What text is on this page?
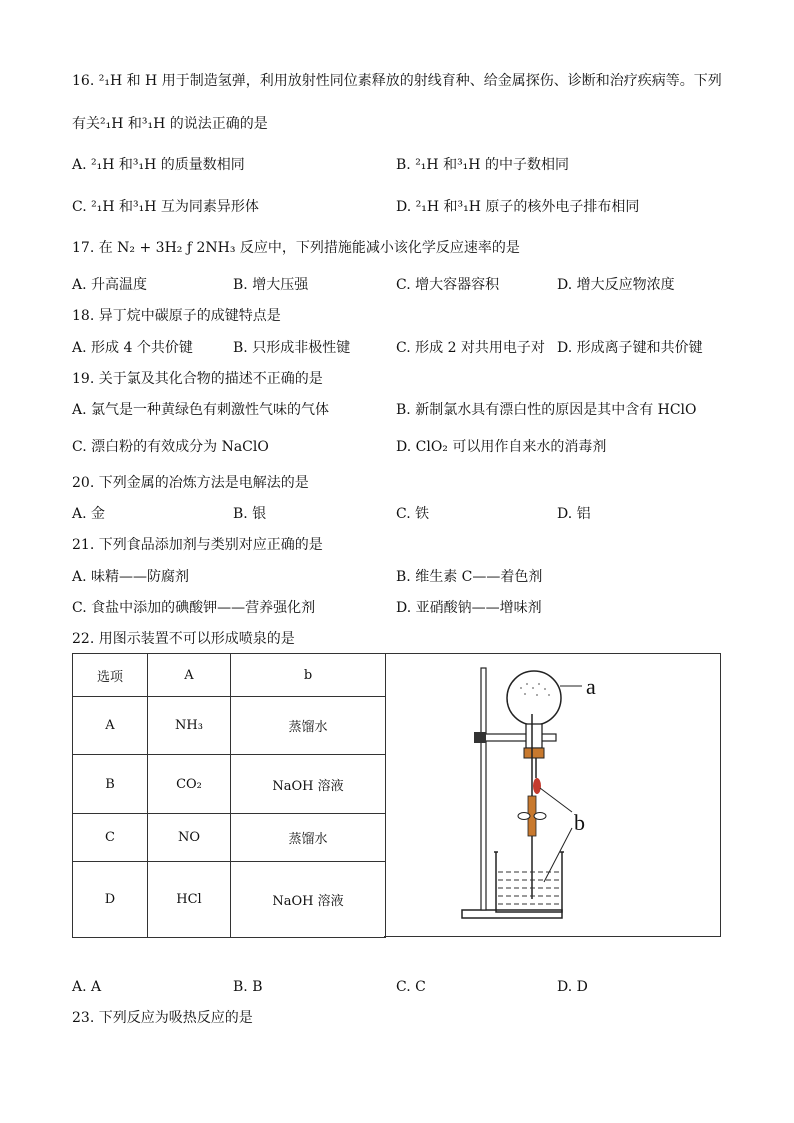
16. ²₁H 和 H 用于制造氢弹，利用放射性同位素释放的射线育种、给金属探伤、诊断和治疗疾病等。下列
有关²₁H 和³₁H 的说法正确的是
A. ²₁H 和³₁H 的质量数相同	B. ²₁H 和³₁H 的中子数相同
C. ²₁H 和³₁H 互为同素异形体	D. ²₁H 和³₁H 原子的核外电子排布相同
17. 在 N₂ + 3H₂ ƒ 2NH₃ 反应中，下列措施能减小该化学反应速率的是
A. 升高温度	B. 增大压强	C. 增大容器容积	D. 增大反应物浓度
18. 异丁烷中碳原子的成键特点是
A. 形成 4 个共价键	B. 只形成非极性键	C. 形成 2 对共用电子对 D. 形成离子键和共价键
19. 关于氯及其化合物的描述不正确的是
A. 氯气是一种黄绿色有刺激性气味的气体	B. 新制氯水具有漂白性的原因是其中含有 HClO
C. 漂白粉的有效成分为 NaClO	D. ClO₂ 可以用作自来水的消毒剂
20. 下列金属的冶炼方法是电解法的是
A. 金	B. 银	C. 铁	D. 铝
21. 下列食品添加剂与类别对应正确的是
A. 味精——防腐剂	B. 维生素 C——着色剂
C. 食盐中添加的碘酸钾——营养强化剂	D. 亚硝酸钠——增味剂
22. 用图示装置不可以形成喷泉的是
选项	A	b
A	NH₃	蒸馏水
B	CO₂	NaOH 溶液
C	NO	蒸馏水
D	HCl	NaOH 溶液
a
b
A. A	B. B	C. C	D. D
23. 下列反应为吸热反应的是
